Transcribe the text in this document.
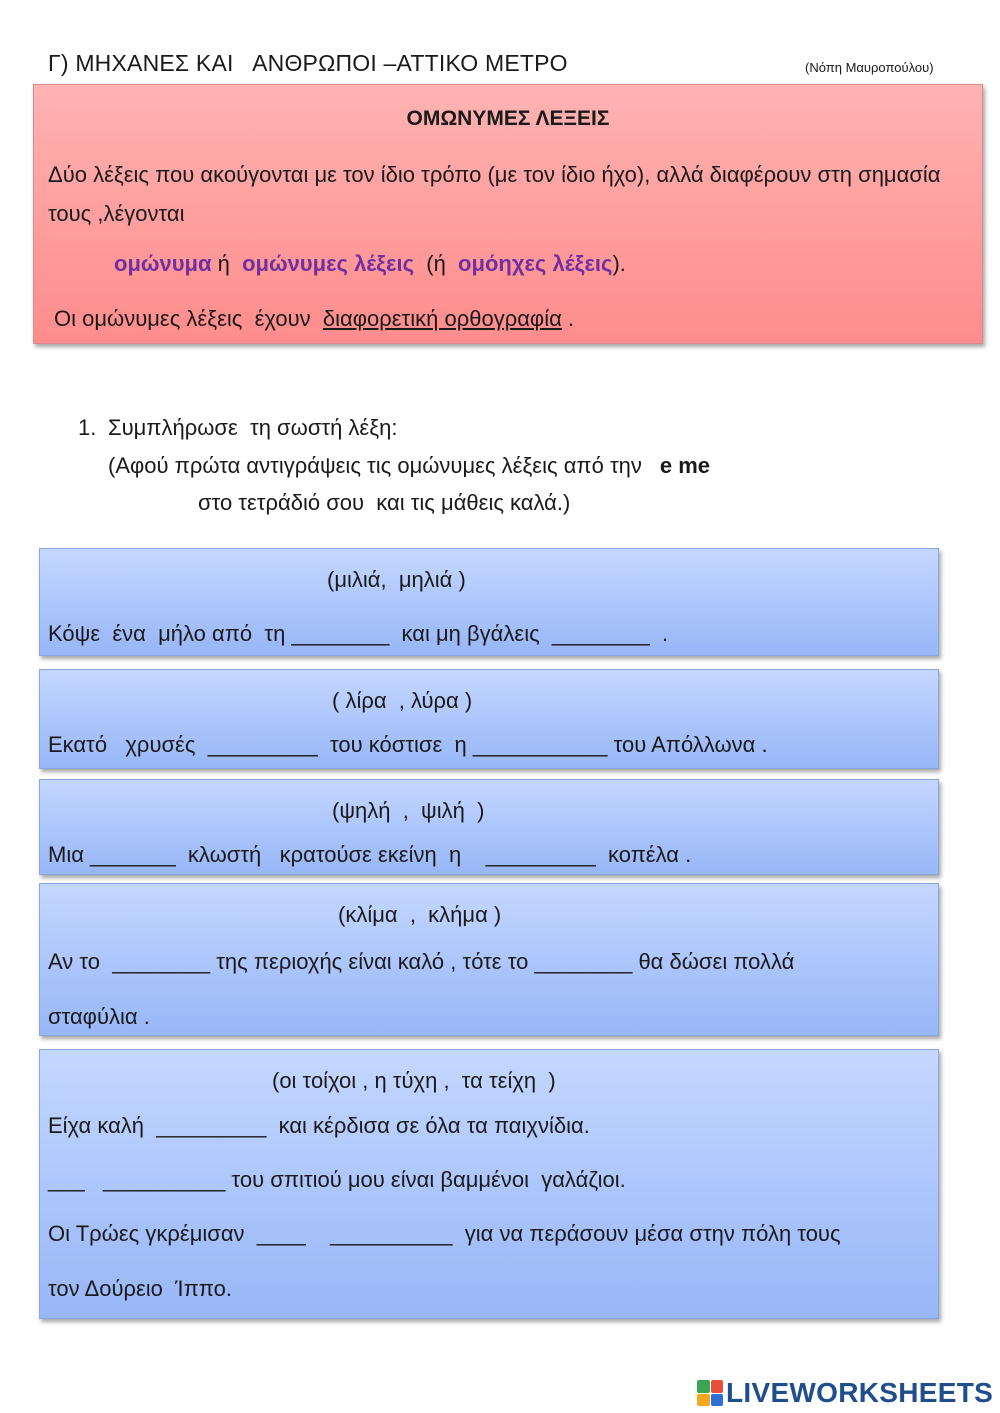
Γ) ΜΗΧΑΝΕΣ ΚΑΙ   ΑΝΘΡΩΠΟΙ –ΑΤΤΙΚΟ ΜΕΤΡΟ	(Νόπη Μαυροπούλου)
ΟΜΩΝΥΜΕΣ ΛΕΞΕΙΣ
Δύο λέξεις που ακούγονται με τον ίδιο τρόπο (με τον ίδιο ήχο), αλλά διαφέρουν στη σημασία τους ,λέγονται
ομώνυμα ή  ομώνυμες λέξεις  (ή  ομόηχες λέξεις).
Οι ομώνυμες λέξεις  έχουν  διαφορετική ορθογραφία .
1. Συμπλήρωσε  τη σωστή λέξη:
(Αφού πρώτα αντιγράψεις τις ομώνυμες λέξεις από την e me
στο τετράδιό σου  και τις μάθεις καλά.)
(μιλιά,  μηλιά )
Κόψε  ένα  μήλο από  τη ________  και μη βγάλεις  ________  .
( λίρα  , λύρα )
Εκατό   χρυσές  _________  του κόστισε  η ___________ του Απόλλωνα .
(ψηλή  ,  ψιλή  )
Μια _______  κλωστή   κρατούσε εκείνη  η    _________  κοπέλα .
(κλίμα  ,  κλήμα )
Αν το  ________ της περιοχής είναι καλό , τότε το ________ θα δώσει πολλά
σταφύλια .
(οι τοίχοι , η τύχη ,  τα τείχη  )
Είχα καλή  _________  και κέρδισα σε όλα τα παιχνίδια.
___   __________ του σπιτιού μου είναι βαμμένοι  γαλάζιοι.
Οι Τρώες γκρέμισαν  ____    __________  για να περάσουν μέσα στην πόλη τους
τον Δούρειο  Ίππο.
LIVEWORKSHEETS
